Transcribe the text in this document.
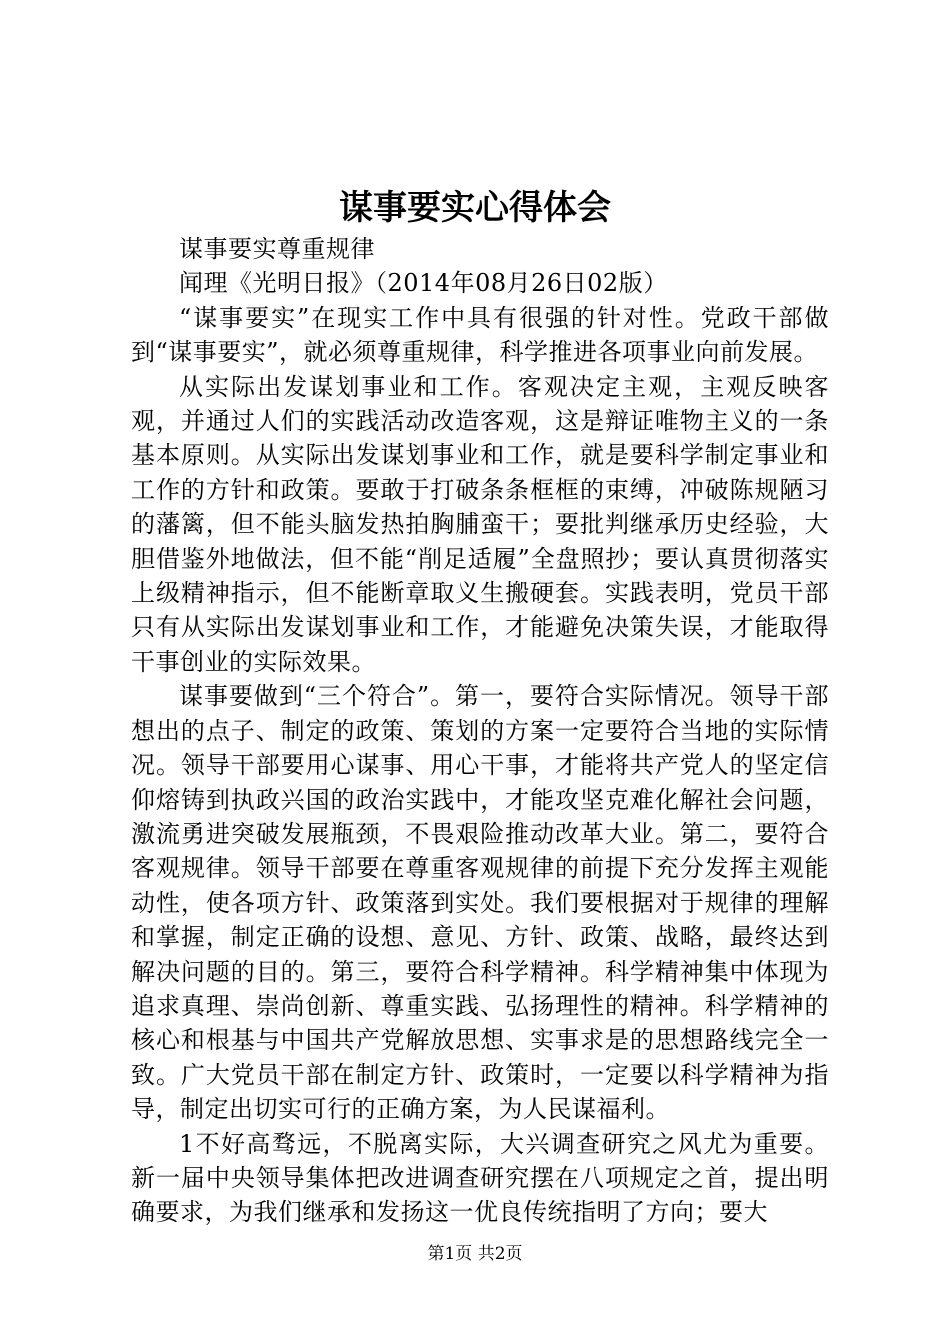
谋事要实心得体会

谋事要实尊重规律

闻理《光明日报》（2014年08月26日02版）

“谋事要实”在现实工作中具有很强的针对性。党政干部做到“谋事要实”，就必须尊重规律，科学推进各项事业向前发展。

从实际出发谋划事业和工作。客观决定主观，主观反映客观，并通过人们的实践活动改造客观，这是辩证唯物主义的一条基本原则。从实际出发谋划事业和工作，就是要科学制定事业和工作的方针和政策。要敢于打破条条框框的束缚，冲破陈规陋习的藩篱，但不能头脑发热拍胸脯蛮干；要批判继承历史经验，大胆借鉴外地做法，但不能“削足适履”全盘照抄；要认真贯彻落实上级精神指示，但不能断章取义生搬硬套。实践表明，党员干部只有从实际出发谋划事业和工作，才能避免决策失误，才能取得干事创业的实际效果。

谋事要做到“三个符合”。第一，要符合实际情况。领导干部想出的点子、制定的政策、策划的方案一定要符合当地的实际情况。领导干部要用心谋事、用心干事，才能将共产党人的坚定信仰熔铸到执政兴国的政治实践中，才能攻坚克难化解社会问题，激流勇进突破发展瓶颈，不畏艰险推动改革大业。第二，要符合客观规律。领导干部要在尊重客观规律的前提下充分发挥主观能动性，使各项方针、政策落到实处。我们要根据对于规律的理解和掌握，制定正确的设想、意见、方针、政策、战略，最终达到解决问题的目的。第三，要符合科学精神。科学精神集中体现为追求真理、崇尚创新、尊重实践、弘扬理性的精神。科学精神的核心和根基与中国共产党解放思想、实事求是的思想路线完全一致。广大党员干部在制定方针、政策时，一定要以科学精神为指导，制定出切实可行的正确方案，为人民谋福利。

1不好高骛远，不脱离实际，大兴调查研究之风尤为重要。新一届中央领导集体把改进调查研究摆在八项规定之首，提出明确要求，为我们继承和发扬这一优良传统指明了方向；要大

第1页 共2页
